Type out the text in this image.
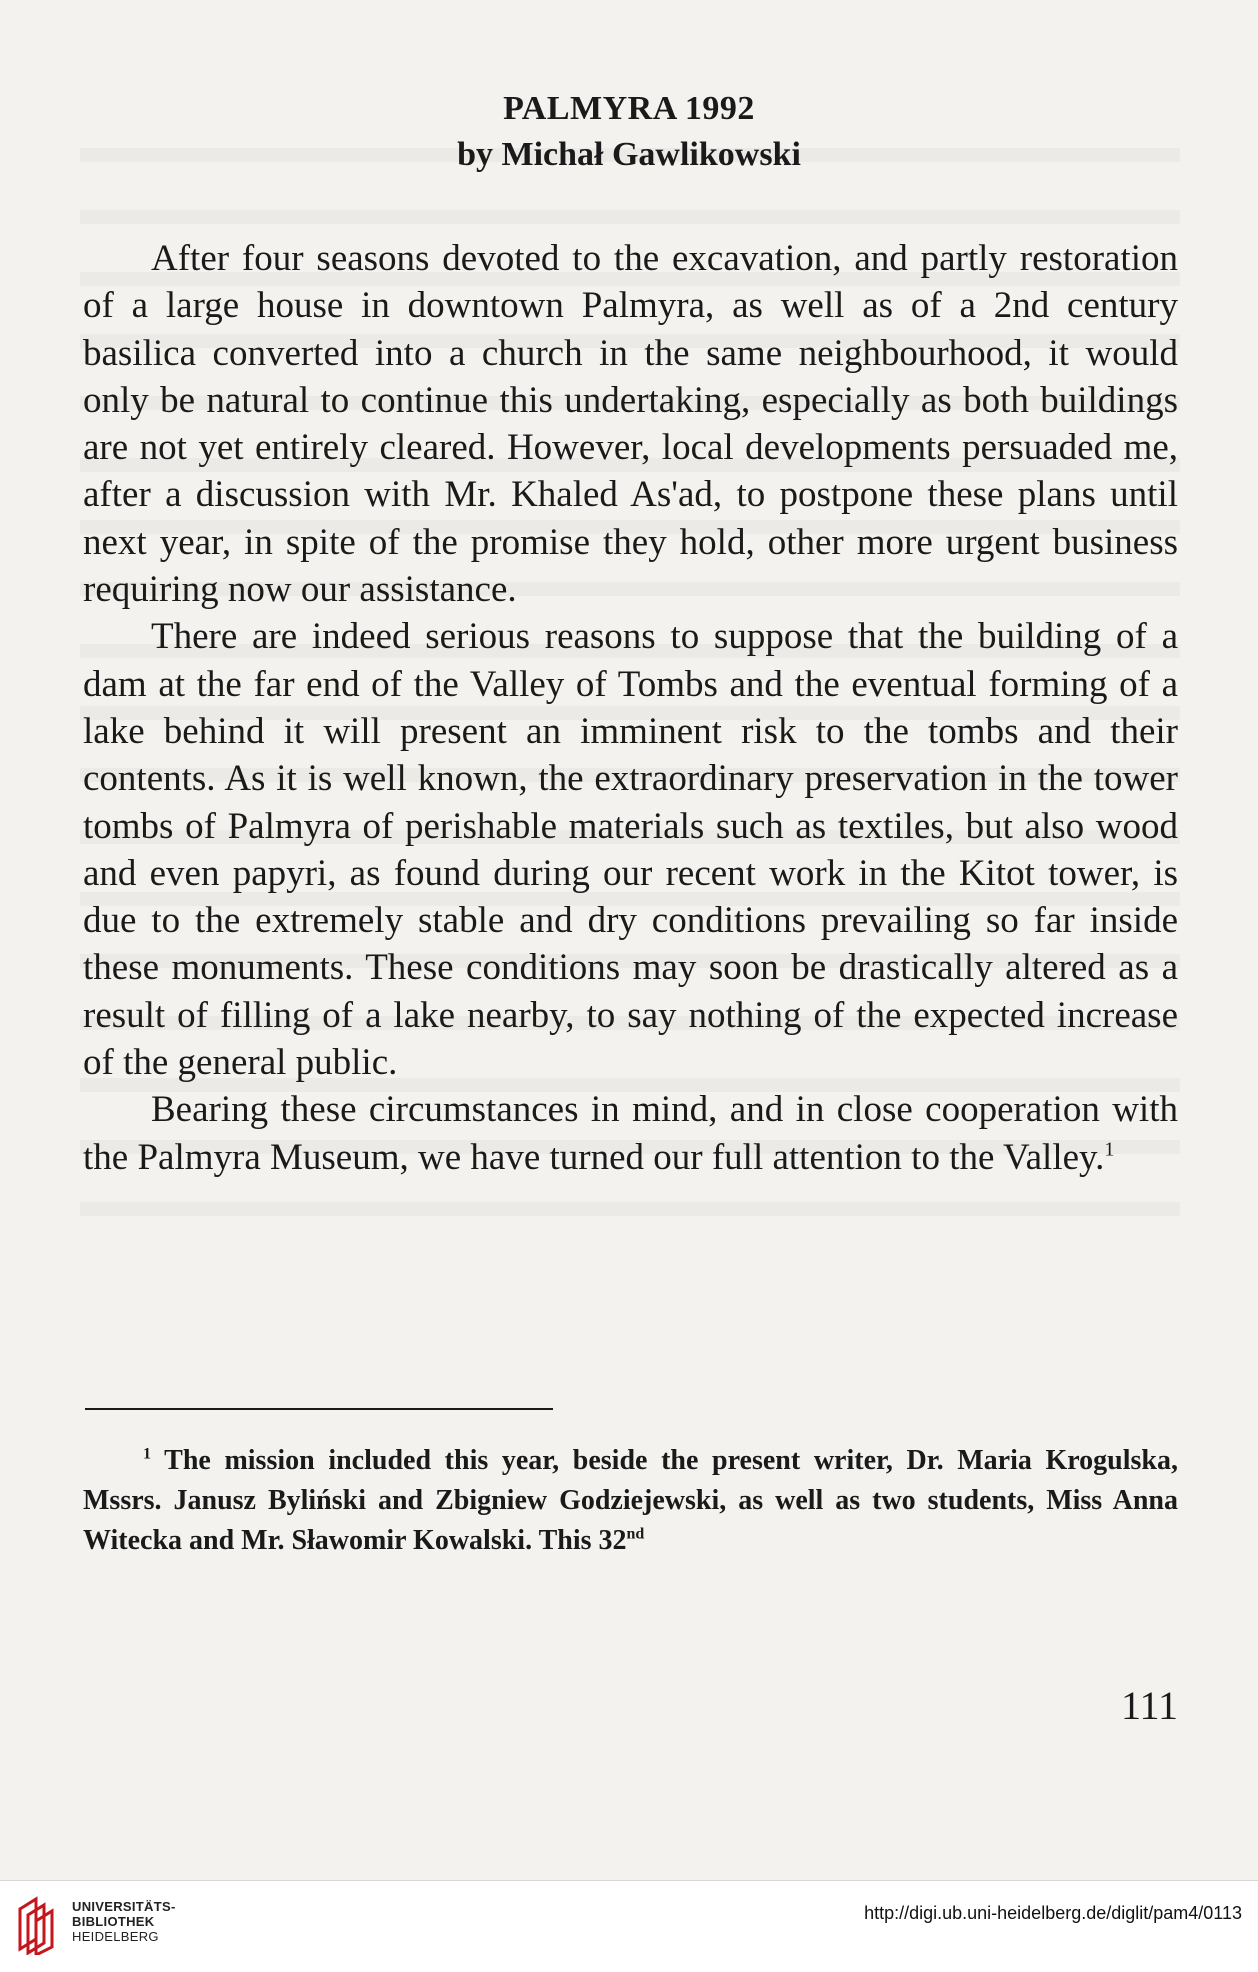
PALMYRA 1992
by Michał Gawlikowski

After four seasons devoted to the excavation, and partly restoration of a large house in downtown Palmyra, as well as of a 2nd century basilica converted into a church in the same neighbourhood, it would only be natural to continue this undertaking, especially as both buildings are not yet entirely cleared. However, local developments persuaded me, after a discussion with Mr. Khaled As'ad, to postpone these plans until next year, in spite of the promise they hold, other more urgent business requiring now our assistance.

There are indeed serious reasons to suppose that the building of a dam at the far end of the Valley of Tombs and the eventual forming of a lake behind it will present an imminent risk to the tombs and their contents. As it is well known, the extraordinary preservation in the tower tombs of Palmyra of perishable materials such as textiles, but also wood and even papyri, as found during our recent work in the Kitot tower, is due to the extremely stable and dry conditions prevailing so far inside these monuments. These conditions may soon be drastically altered as a result of filling of a lake nearby, to say nothing of the expected increase of the general public.

Bearing these circumstances in mind, and in close cooperation with the Palmyra Museum, we have turned our full attention to the Valley.$^1$

$^1$ The mission included this year, beside the present writer, Dr. Maria Krogulska, Mssrs. Janusz Byliński and Zbigniew Godziejewski, as well as two students, Miss Anna Witecka and Mr. Sławomir Kowalski. This 32nd

111
UNIVERSITÄTS-
BIBLIOTHEK
HEIDELBERG
http://digi.ub.uni-heidelberg.de/diglit/pam4/0113
